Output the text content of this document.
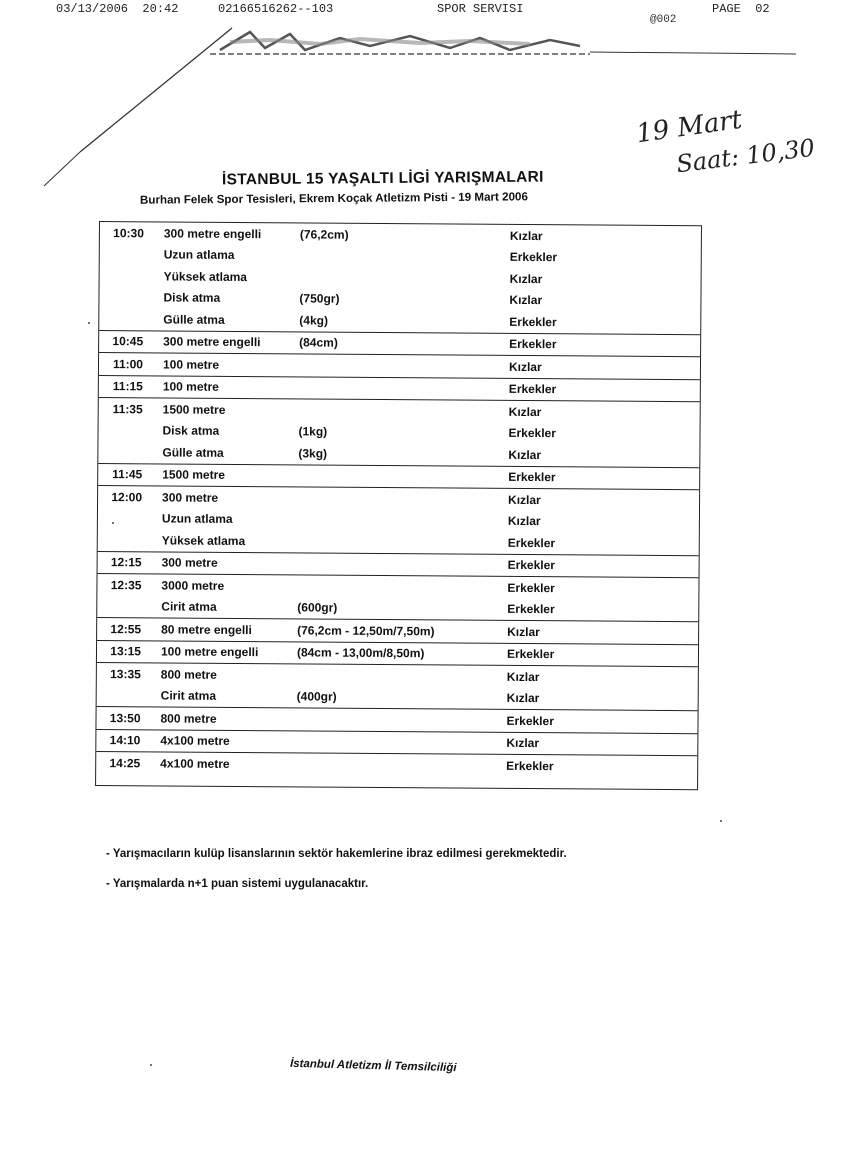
03/13/2006  20:42	02166516262--103	SPOR SERVISI	PAGE  02
@002
19 Mart
Saat: 10,30
İSTANBUL 15 YAŞALTI LİGİ YARIŞMALARI
Burhan Felek Spor Tesisleri, Ekrem Koçak Atletizm Pisti - 19 Mart 2006
10:30	300 metre engelli	(76,2cm)	Kızlar
Uzun atlama	Erkekler
Yüksek atlama	Kızlar
Disk atma	(750gr)	Kızlar
Gülle atma	(4kg)	Erkekler
10:45	300 metre engelli	(84cm)	Erkekler
11:00	100 metre	Kızlar
11:15	100 metre	Erkekler
11:35	1500 metre	Kızlar
Disk atma	(1kg)	Erkekler
Gülle atma	(3kg)	Kızlar
11:45	1500 metre	Erkekler
12:00	300 metre	Kızlar
Uzun atlama	Kızlar
Yüksek atlama	Erkekler
12:15	300 metre	Erkekler
12:35	3000 metre	Erkekler
Cirit atma	(600gr)	Erkekler
12:55	80 metre engelli	(76,2cm - 12,50m/7,50m)	Kızlar
13:15	100 metre engelli	(84cm - 13,00m/8,50m)	Erkekler
13:35	800 metre	Kızlar
Cirit atma	(400gr)	Kızlar
13:50	800 metre	Erkekler
14:10	4x100 metre	Kızlar
14:25	4x100 metre	Erkekler
- Yarışmacıların kulüp lisanslarının sektör hakemlerine ibraz edilmesi gerekmektedir.
- Yarışmalarda n+1 puan sistemi uygulanacaktır.
İstanbul Atletizm İl Temsilciliği
